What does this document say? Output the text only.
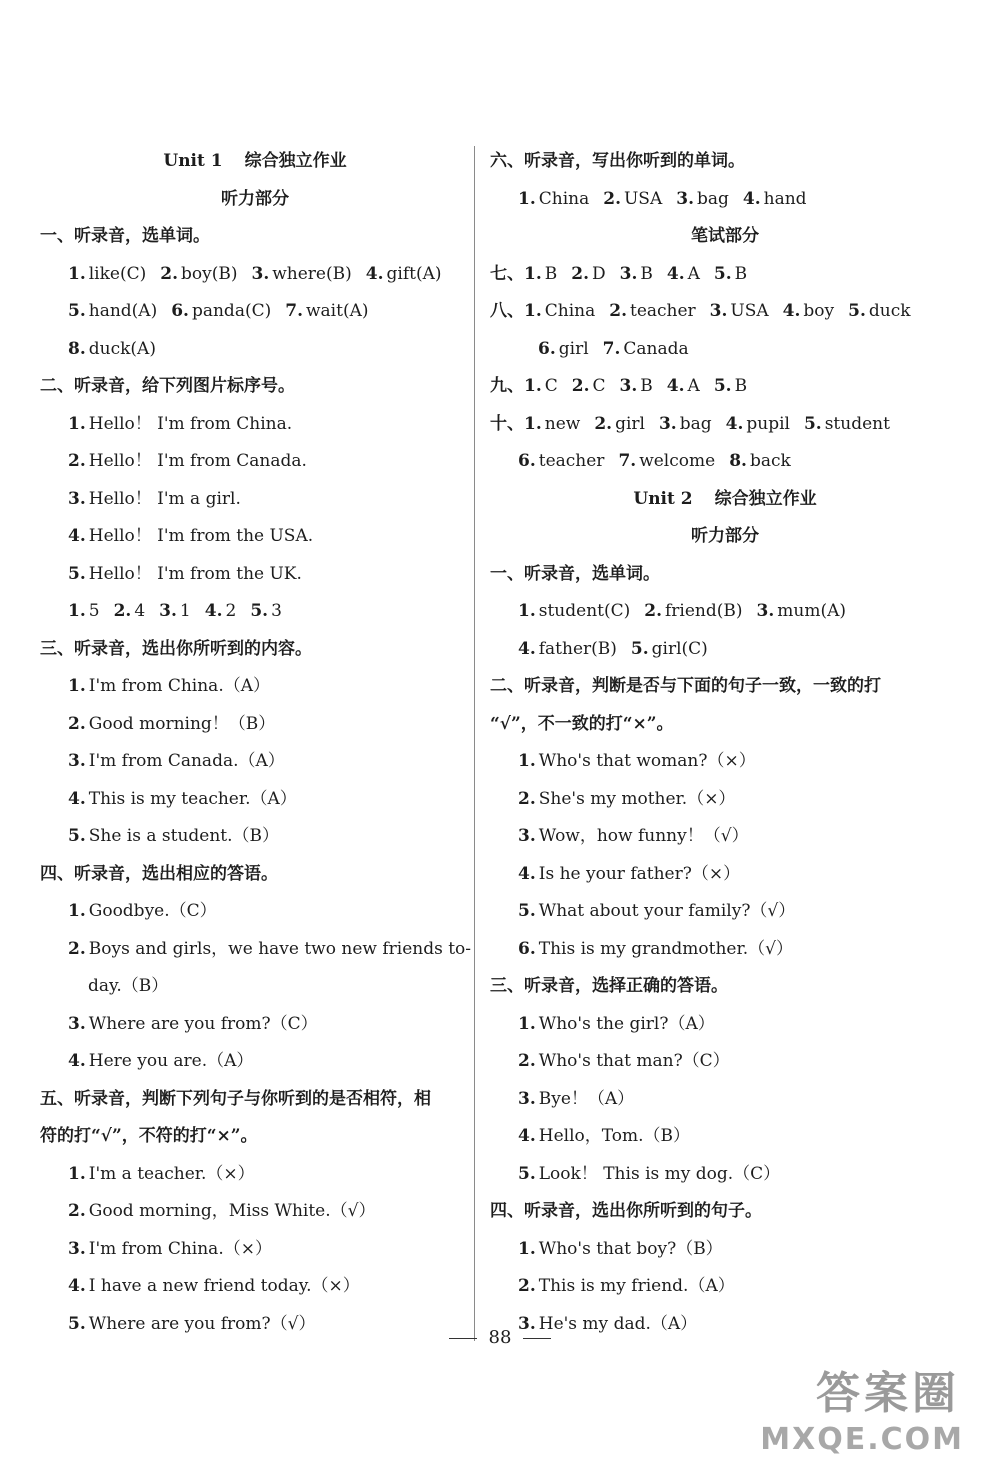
Unit 1 综合独立作业
听力部分
一、听录音，选单词。
1. like(C) 2. boy(B) 3. where(B) 4. gift(A)
5. hand(A) 6. panda(C) 7. wait(A)
8. duck(A)
二、听录音，给下列图片标序号。
1. Hello！ I'm from China.
2. Hello！ I'm from Canada.
3. Hello！ I'm a girl.
4. Hello！ I'm from the USA.
5. Hello！ I'm from the UK.
1. 5 2. 4 3. 1 4. 2 5. 3
三、听录音，选出你所听到的内容。
1. I'm from China.（A）
2. Good morning！（B）
3. I'm from Canada.（A）
4. This is my teacher.（A）
5. She is a student.（B）
四、听录音，选出相应的答语。
1. Goodbye.（C）
2. Boys and girls，we have two new friends to-
day.（B）
3. Where are you from?（C）
4. Here you are.（A）
五、听录音，判断下列句子与你听到的是否相符，相
符的打“√”，不符的打“×”。
1. I'm a teacher.（×）
2. Good morning，Miss White.（√）
3. I'm from China.（×）
4. I have a new friend today.（×）
5. Where are you from?（√）
六、听录音，写出你听到的单词。
1. China 2. USA 3. bag 4. hand
笔试部分
七、1. B 2. D 3. B 4. A 5. B
八、1. China 2. teacher 3. USA 4. boy 5. duck
6. girl 7. Canada
九、1. C 2. C 3. B 4. A 5. B
十、1. new 2. girl 3. bag 4. pupil 5. student
6. teacher 7. welcome 8. back
Unit 2 综合独立作业
听力部分
一、听录音，选单词。
1. student(C) 2. friend(B) 3. mum(A)
4. father(B) 5. girl(C)
二、听录音，判断是否与下面的句子一致，一致的打
“√”，不一致的打“×”。
1. Who's that woman?（×）
2. She's my mother.（×）
3. Wow，how funny！（√）
4. Is he your father?（×）
5. What about your family?（√）
6. This is my grandmother.（√）
三、听录音，选择正确的答语。
1. Who's the girl?（A）
2. Who's that man?（C）
3. Bye！（A）
4. Hello，Tom.（B）
5. Look！ This is my dog.（C）
四、听录音，选出你所听到的句子。
1. Who's that boy?（B）
2. This is my friend.（A）
3. He's my dad.（A）
88
答案圈
MXQE.COM
